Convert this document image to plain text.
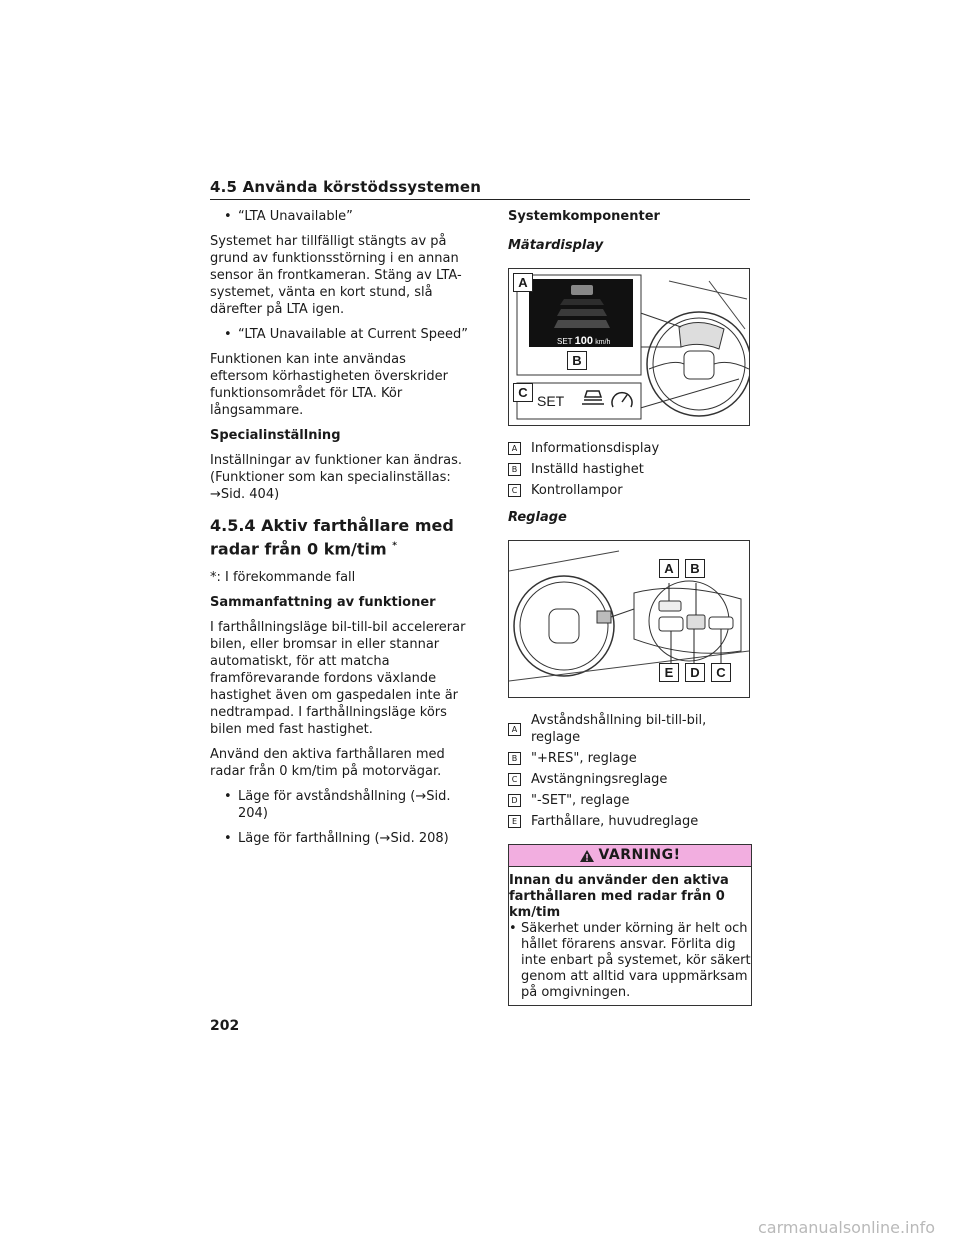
4.5 Använda körstödssystemen

• “LTA Unavailable”

Systemet har tillfälligt stängts av på grund av funktionsstörning i en annan sensor än frontkameran. Stäng av LTA-systemet, vänta en kort stund, slå därefter på LTA igen.

• “LTA Unavailable at Current Speed”

Funktionen kan inte användas eftersom körhastigheten överskrider funktionsområdet för LTA. Kör långsammare.

Specialinställning

Inställningar av funktioner kan ändras. (Funktioner som kan specialinställas: →Sid. 404)

4.5.4 Aktiv farthållare med radar från 0 km/tim *

*: I förekommande fall

Sammanfattning av funktioner

I farthållningsläge bil-till-bil accelererar bilen, eller bromsar in eller stannar automatiskt, för att matcha framförevarande fordons växlande hastighet även om gaspedalen inte är nedtrampad. I farthållningsläge körs bilen med fast hastighet.

Använd den aktiva farthållaren med radar från 0 km/tim på motorvägar.

• Läge för avståndshållning (→Sid. 204)

• Läge för farthållning (→Sid. 208)

Systemkomponenter

Mätardisplay

SET 100 km/h
SET
A
B
C
A Informationsdisplay
B Inställd hastighet
C Kontrollampor

Reglage

A	B
E	D	C
A
Avståndshållning bil-till-bil, reglage
B "+RES", reglage
C Avstängningsreglage
D "-SET", reglage
E	Farthållare, huvudreglage
VARNING!

Innan du använder den aktiva farthållaren med radar från 0 km/tim

• Säkerhet under körning är helt och hållet förarens ansvar. Förlita dig inte enbart på systemet, kör säkert genom att alltid vara uppmärksam på omgivningen.

202
carmanualsonline.info
